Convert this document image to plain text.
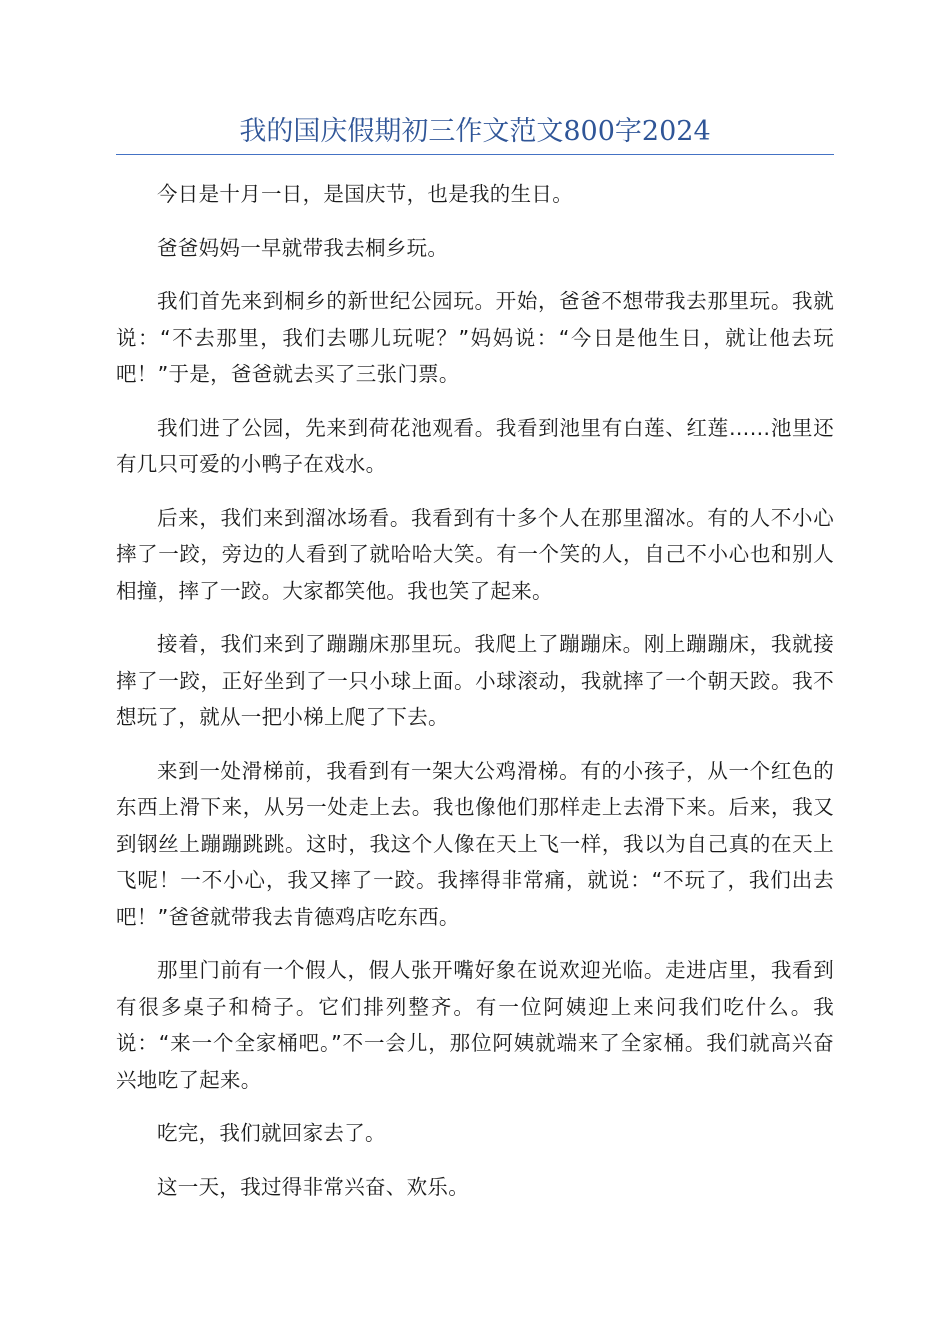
我的国庆假期初三作文范文800字2024

今日是十月一日，是国庆节，也是我的生日。

爸爸妈妈一早就带我去桐乡玩。

我们首先来到桐乡的新世纪公园玩。开始，爸爸不想带我去那里玩。我就说：“不去那里，我们去哪儿玩呢？”妈妈说：“今日是他生日，就让他去玩吧！”于是，爸爸就去买了三张门票。

我们进了公园，先来到荷花池观看。我看到池里有白莲、红莲……池里还有几只可爱的小鸭子在戏水。

后来，我们来到溜冰场看。我看到有十多个人在那里溜冰。有的人不小心摔了一跤，旁边的人看到了就哈哈大笑。有一个笑的人，自己不小心也和别人相撞，摔了一跤。大家都笑他。我也笑了起来。

接着，我们来到了蹦蹦床那里玩。我爬上了蹦蹦床。刚上蹦蹦床，我就接摔了一跤，正好坐到了一只小球上面。小球滚动，我就摔了一个朝天跤。我不想玩了，就从一把小梯上爬了下去。

来到一处滑梯前，我看到有一架大公鸡滑梯。有的小孩子，从一个红色的东西上滑下来，从另一处走上去。我也像他们那样走上去滑下来。后来，我又到钢丝上蹦蹦跳跳。这时，我这个人像在天上飞一样，我以为自己真的在天上飞呢！一不小心，我又摔了一跤。我摔得非常痛，就说：“不玩了，我们出去吧！”爸爸就带我去肯德鸡店吃东西。

那里门前有一个假人，假人张开嘴好象在说欢迎光临。走进店里，我看到有很多桌子和椅子。它们排列整齐。有一位阿姨迎上来问我们吃什么。我说：“来一个全家桶吧。”不一会儿，那位阿姨就端来了全家桶。我们就高兴奋兴地吃了起来。

吃完，我们就回家去了。

这一天，我过得非常兴奋、欢乐。
